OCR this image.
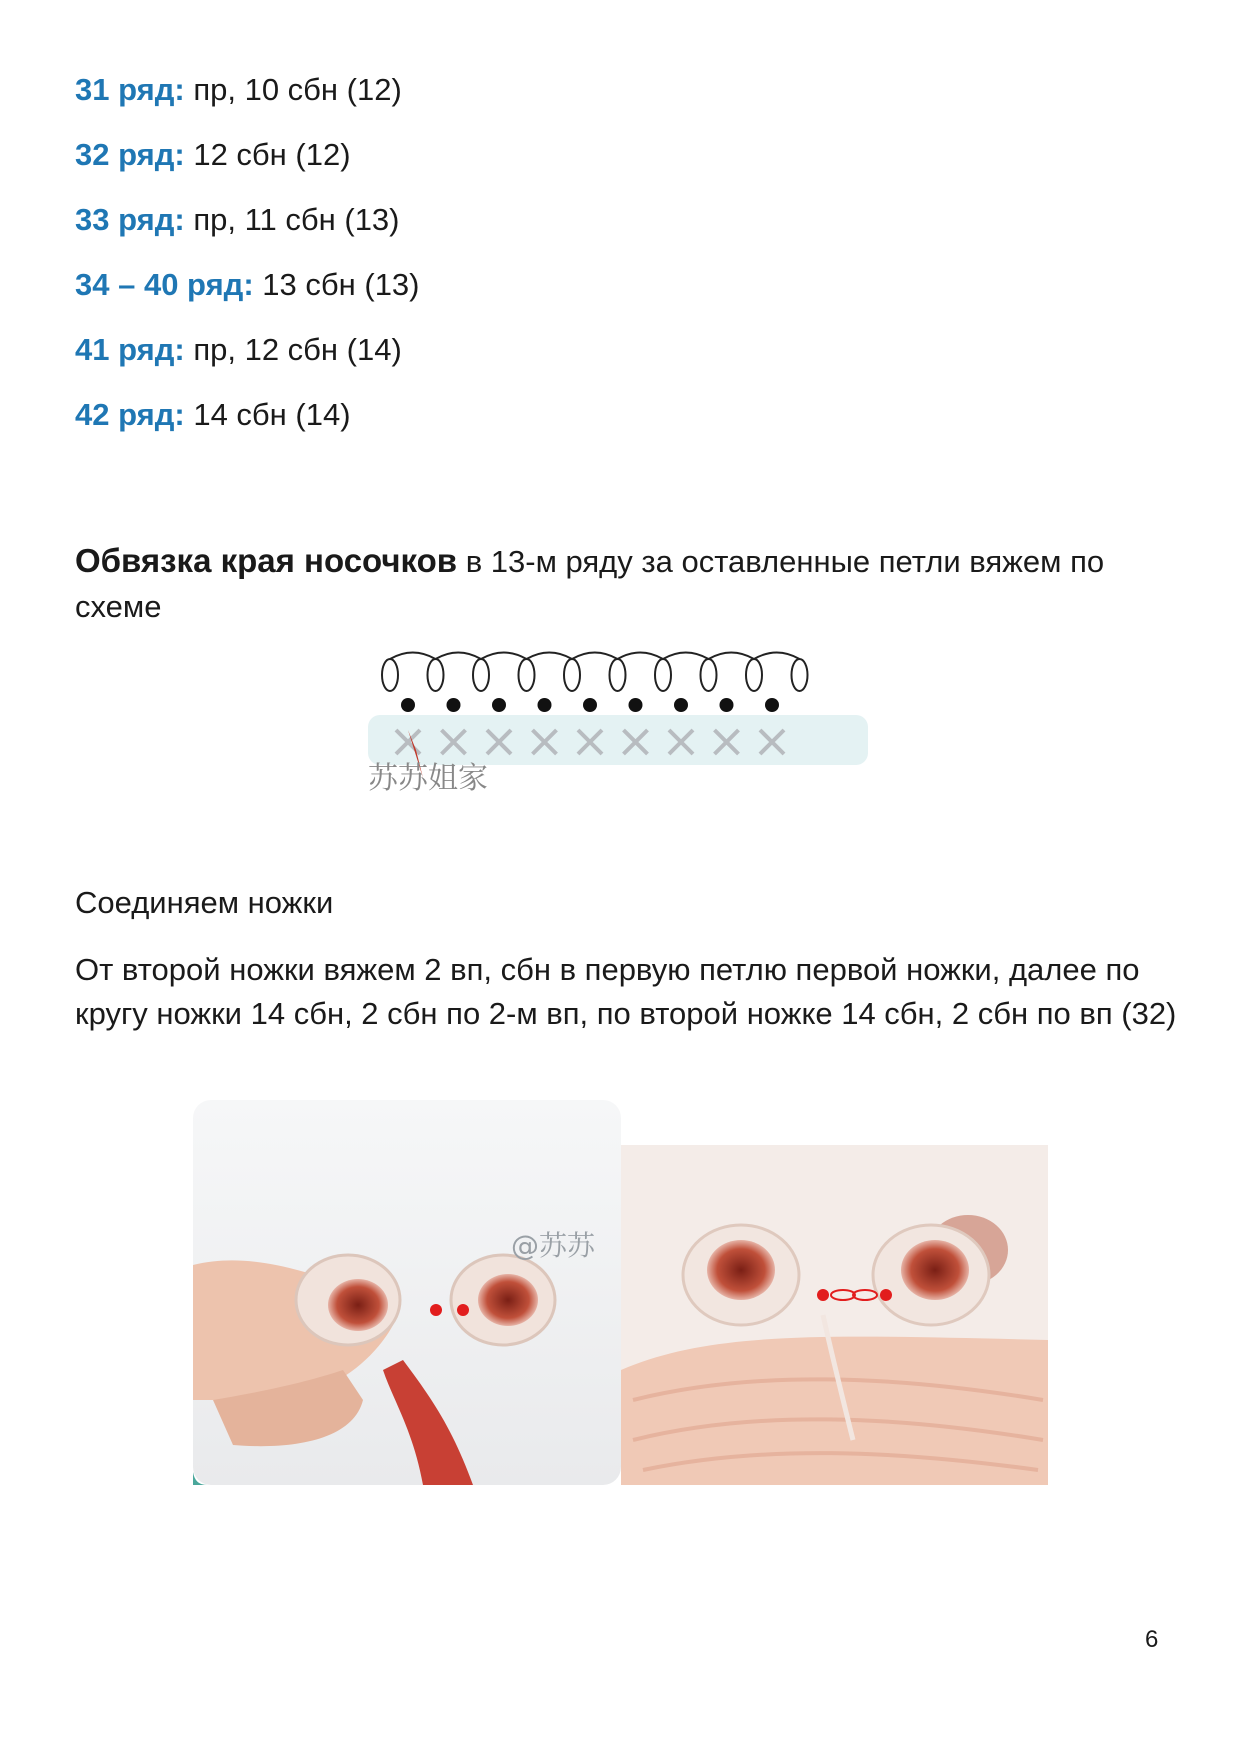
31 ряд: пр, 10 сбн (12)
32 ряд: 12 сбн (12)
33 ряд: пр, 11 сбн (13)
34 – 40 ряд: 13 сбн (13)
41 ряд: пр, 12 сбн (14)
42 ряд: 14 сбн (14)
Обвязка края носочков в 13-м ряду за оставленные петли вяжем по схеме
苏苏姐家
Соединяем ножки
От второй ножки вяжем 2 вп, сбн в первую петлю первой ножки, далее по кругу ножки 14 сбн, 2 сбн по 2-м вп, по второй ножке 14 сбн, 2 сбн по вп (32)
@苏苏
6
